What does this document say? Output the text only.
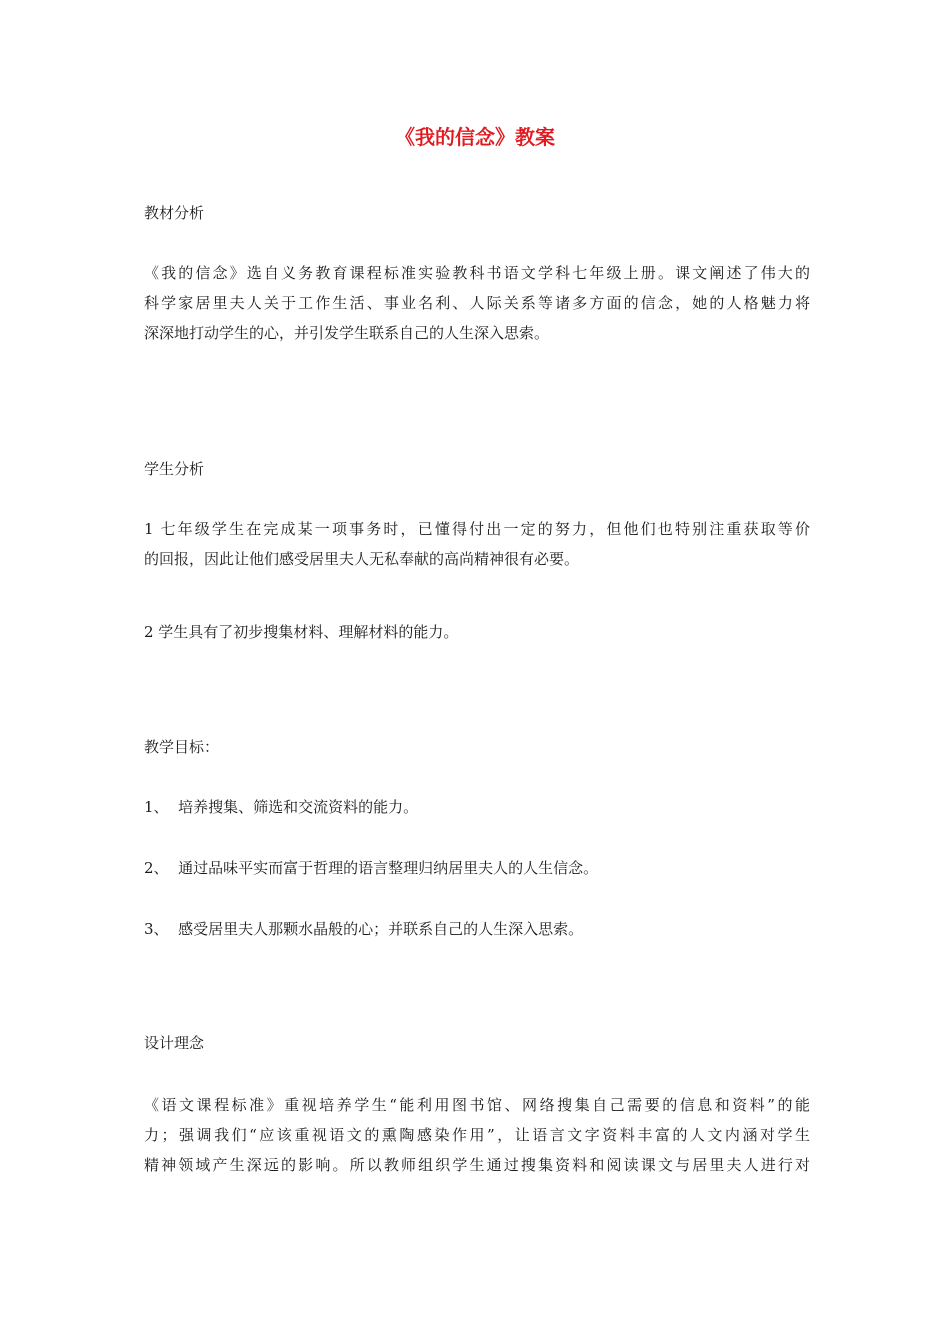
《我的信念》教案

教材分析

《我的信念》选自义务教育课程标准实验教科书语文学科七年级上册。课文阐述了伟大的
科学家居里夫人关于工作生活、事业名利、人际关系等诸多方面的信念，她的人格魅力将
深深地打动学生的心，并引发学生联系自己的人生深入思索。

学生分析

1 七年级学生在完成某一项事务时，已懂得付出一定的努力，但他们也特别注重获取等价
的回报，因此让他们感受居里夫人无私奉献的高尚精神很有必要。

2 学生具有了初步搜集材料、理解材料的能力。

教学目标：

1、  培养搜集、筛选和交流资料的能力。

2、  通过品味平实而富于哲理的语言整理归纳居里夫人的人生信念。

3、  感受居里夫人那颗水晶般的心；并联系自己的人生深入思索。

设计理念

《语文课程标准》重视培养学生“能利用图书馆、网络搜集自己需要的信息和资料”的能
力；强调我们“应该重视语文的熏陶感染作用”，让语言文字资料丰富的人文内涵对学生
精神领域产生深远的影响。所以教师组织学生通过搜集资料和阅读课文与居里夫人进行对
